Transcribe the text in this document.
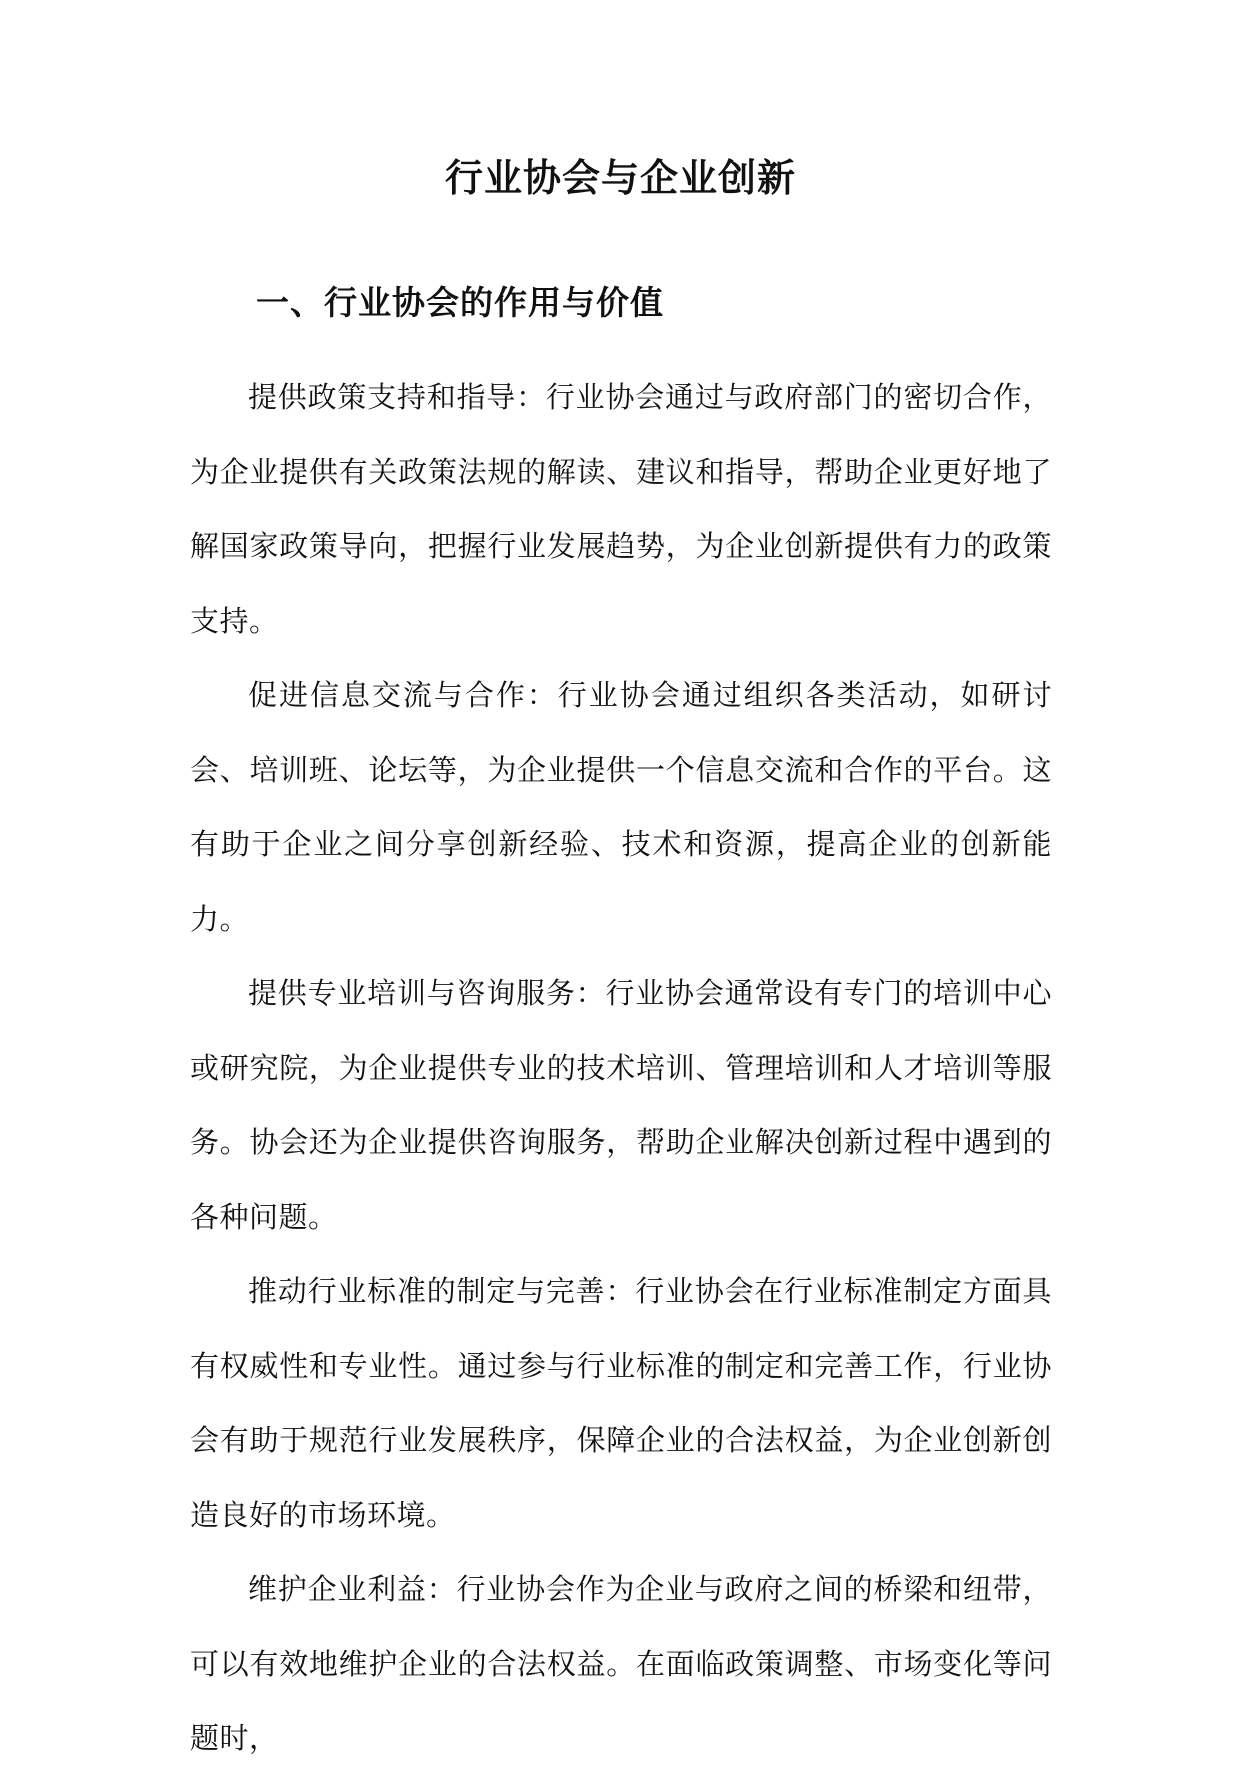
行业协会与企业创新
一、行业协会的作用与价值

提供政策支持和指导：行业协会通过与政府部门的密切合作，为企业提供有关政策法规的解读、建议和指导，帮助企业更好地了解国家政策导向，把握行业发展趋势，为企业创新提供有力的政策支持。

促进信息交流与合作：行业协会通过组织各类活动，如研讨会、培训班、论坛等，为企业提供一个信息交流和合作的平台。这有助于企业之间分享创新经验、技术和资源，提高企业的创新能力。

提供专业培训与咨询服务：行业协会通常设有专门的培训中心或研究院，为企业提供专业的技术培训、管理培训和人才培训等服务。协会还为企业提供咨询服务，帮助企业解决创新过程中遇到的各种问题。

推动行业标准的制定与完善：行业协会在行业标准制定方面具有权威性和专业性。通过参与行业标准的制定和完善工作，行业协会有助于规范行业发展秩序，保障企业的合法权益，为企业创新创造良好的市场环境。

维护企业利益：行业协会作为企业与政府之间的桥梁和纽带，可以有效地维护企业的合法权益。在面临政策调整、市场变化等问题时，
